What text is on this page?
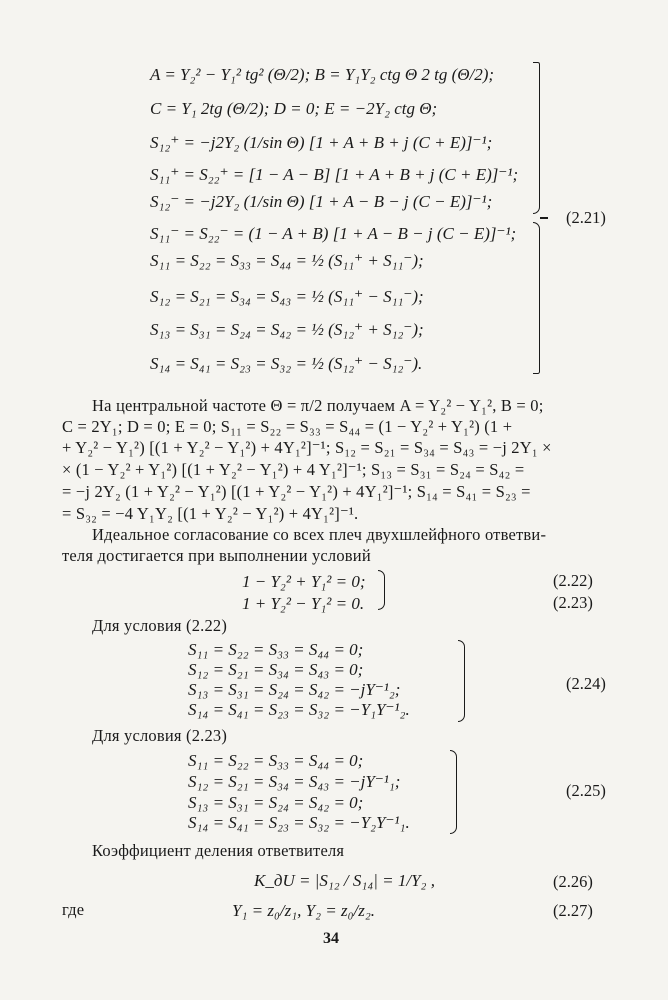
A = Y₂² − Y₁² tg² (Θ/2); B = Y₁Y₂ ctg Θ 2 tg (Θ/2);
C = Y₁ 2tg (Θ/2); D = 0; E = −2Y₂ ctg Θ;
S₁₂⁺ = −j2Y₂ (1/sin Θ) [1 + A + B + j (C + E)]⁻¹;
S₁₁⁺ = S₂₂⁺ = [1 − A − B] [1 + A + B + j (C + E)]⁻¹;
S₁₂⁻ = −j2Y₂ (1/sin Θ) [1 + A − B − j (C − E)]⁻¹;
S₁₁⁻ = S₂₂⁻ = (1 − A + B) [1 + A − B − j (C − E)]⁻¹;
S₁₁ = S₂₂ = S₃₃ = S₄₄ = ½ (S₁₁⁺ + S₁₁⁻);
S₁₂ = S₂₁ = S₃₄ = S₄₃ = ½ (S₁₁⁺ − S₁₁⁻);
S₁₃ = S₃₁ = S₂₄ = S₄₂ = ½ (S₁₂⁺ + S₁₂⁻);
S₁₄ = S₄₁ = S₂₃ = S₃₂ = ½ (S₁₂⁺ − S₁₂⁻).
(2.21)
На центральной частоте Θ = π/2 получаем A = Y₂² − Y₁², B = 0;
C = 2Y₁; D = 0; E = 0; S₁₁ = S₂₂ = S₃₃ = S₄₄ = (1 − Y₂² + Y₁²) (1 +
+ Y₂² − Y₁²) [(1 + Y₂² − Y₁²) + 4Y₁²]⁻¹; S₁₂ = S₂₁ = S₃₄ = S₄₃ = −j 2Y₁ ×
× (1 − Y₂² + Y₁²) [(1 + Y₂² − Y₁²) + 4 Y₁²]⁻¹; S₁₃ = S₃₁ = S₂₄ = S₄₂ =
= −j 2Y₂ (1 + Y₂² − Y₁²) [(1 + Y₂² − Y₁²) + 4Y₁²]⁻¹; S₁₄ = S₄₁ = S₂₃ =
= S₃₂ = −4 Y₁Y₂ [(1 + Y₂² − Y₁²) + 4Y₁²]⁻¹.
Идеальное согласование со всех плеч двухшлейфного ответви-
теля достигается при выполнении условий
1 − Y₂² + Y₁² = 0;
1 + Y₂² − Y₁² = 0.
(2.22)
(2.23)
Для условия (2.22)
S₁₁ = S₂₂ = S₃₃ = S₄₄ = 0;
S₁₂ = S₂₁ = S₃₄ = S₄₃ = 0;
S₁₃ = S₃₁ = S₂₄ = S₄₂ = −jY⁻¹₂;
S₁₄ = S₄₁ = S₂₃ = S₃₂ = −Y₁Y⁻¹₂.
(2.24)
Для условия (2.23)
S₁₁ = S₂₂ = S₃₃ = S₄₄ = 0;
S₁₂ = S₂₁ = S₃₄ = S₄₃ = −jY⁻¹₁;
S₁₃ = S₃₁ = S₂₄ = S₄₂ = 0;
S₁₄ = S₄₁ = S₂₃ = S₃₂ = −Y₂Y⁻¹₁.
(2.25)
Коэффициент деления ответвителя
K_дU = |S₁₂ / S₁₄| = 1/Y₂ ,	(2.26)
где	Y₁ = z₀/z₁, Y₂ = z₀/z₂.	(2.27)
34
